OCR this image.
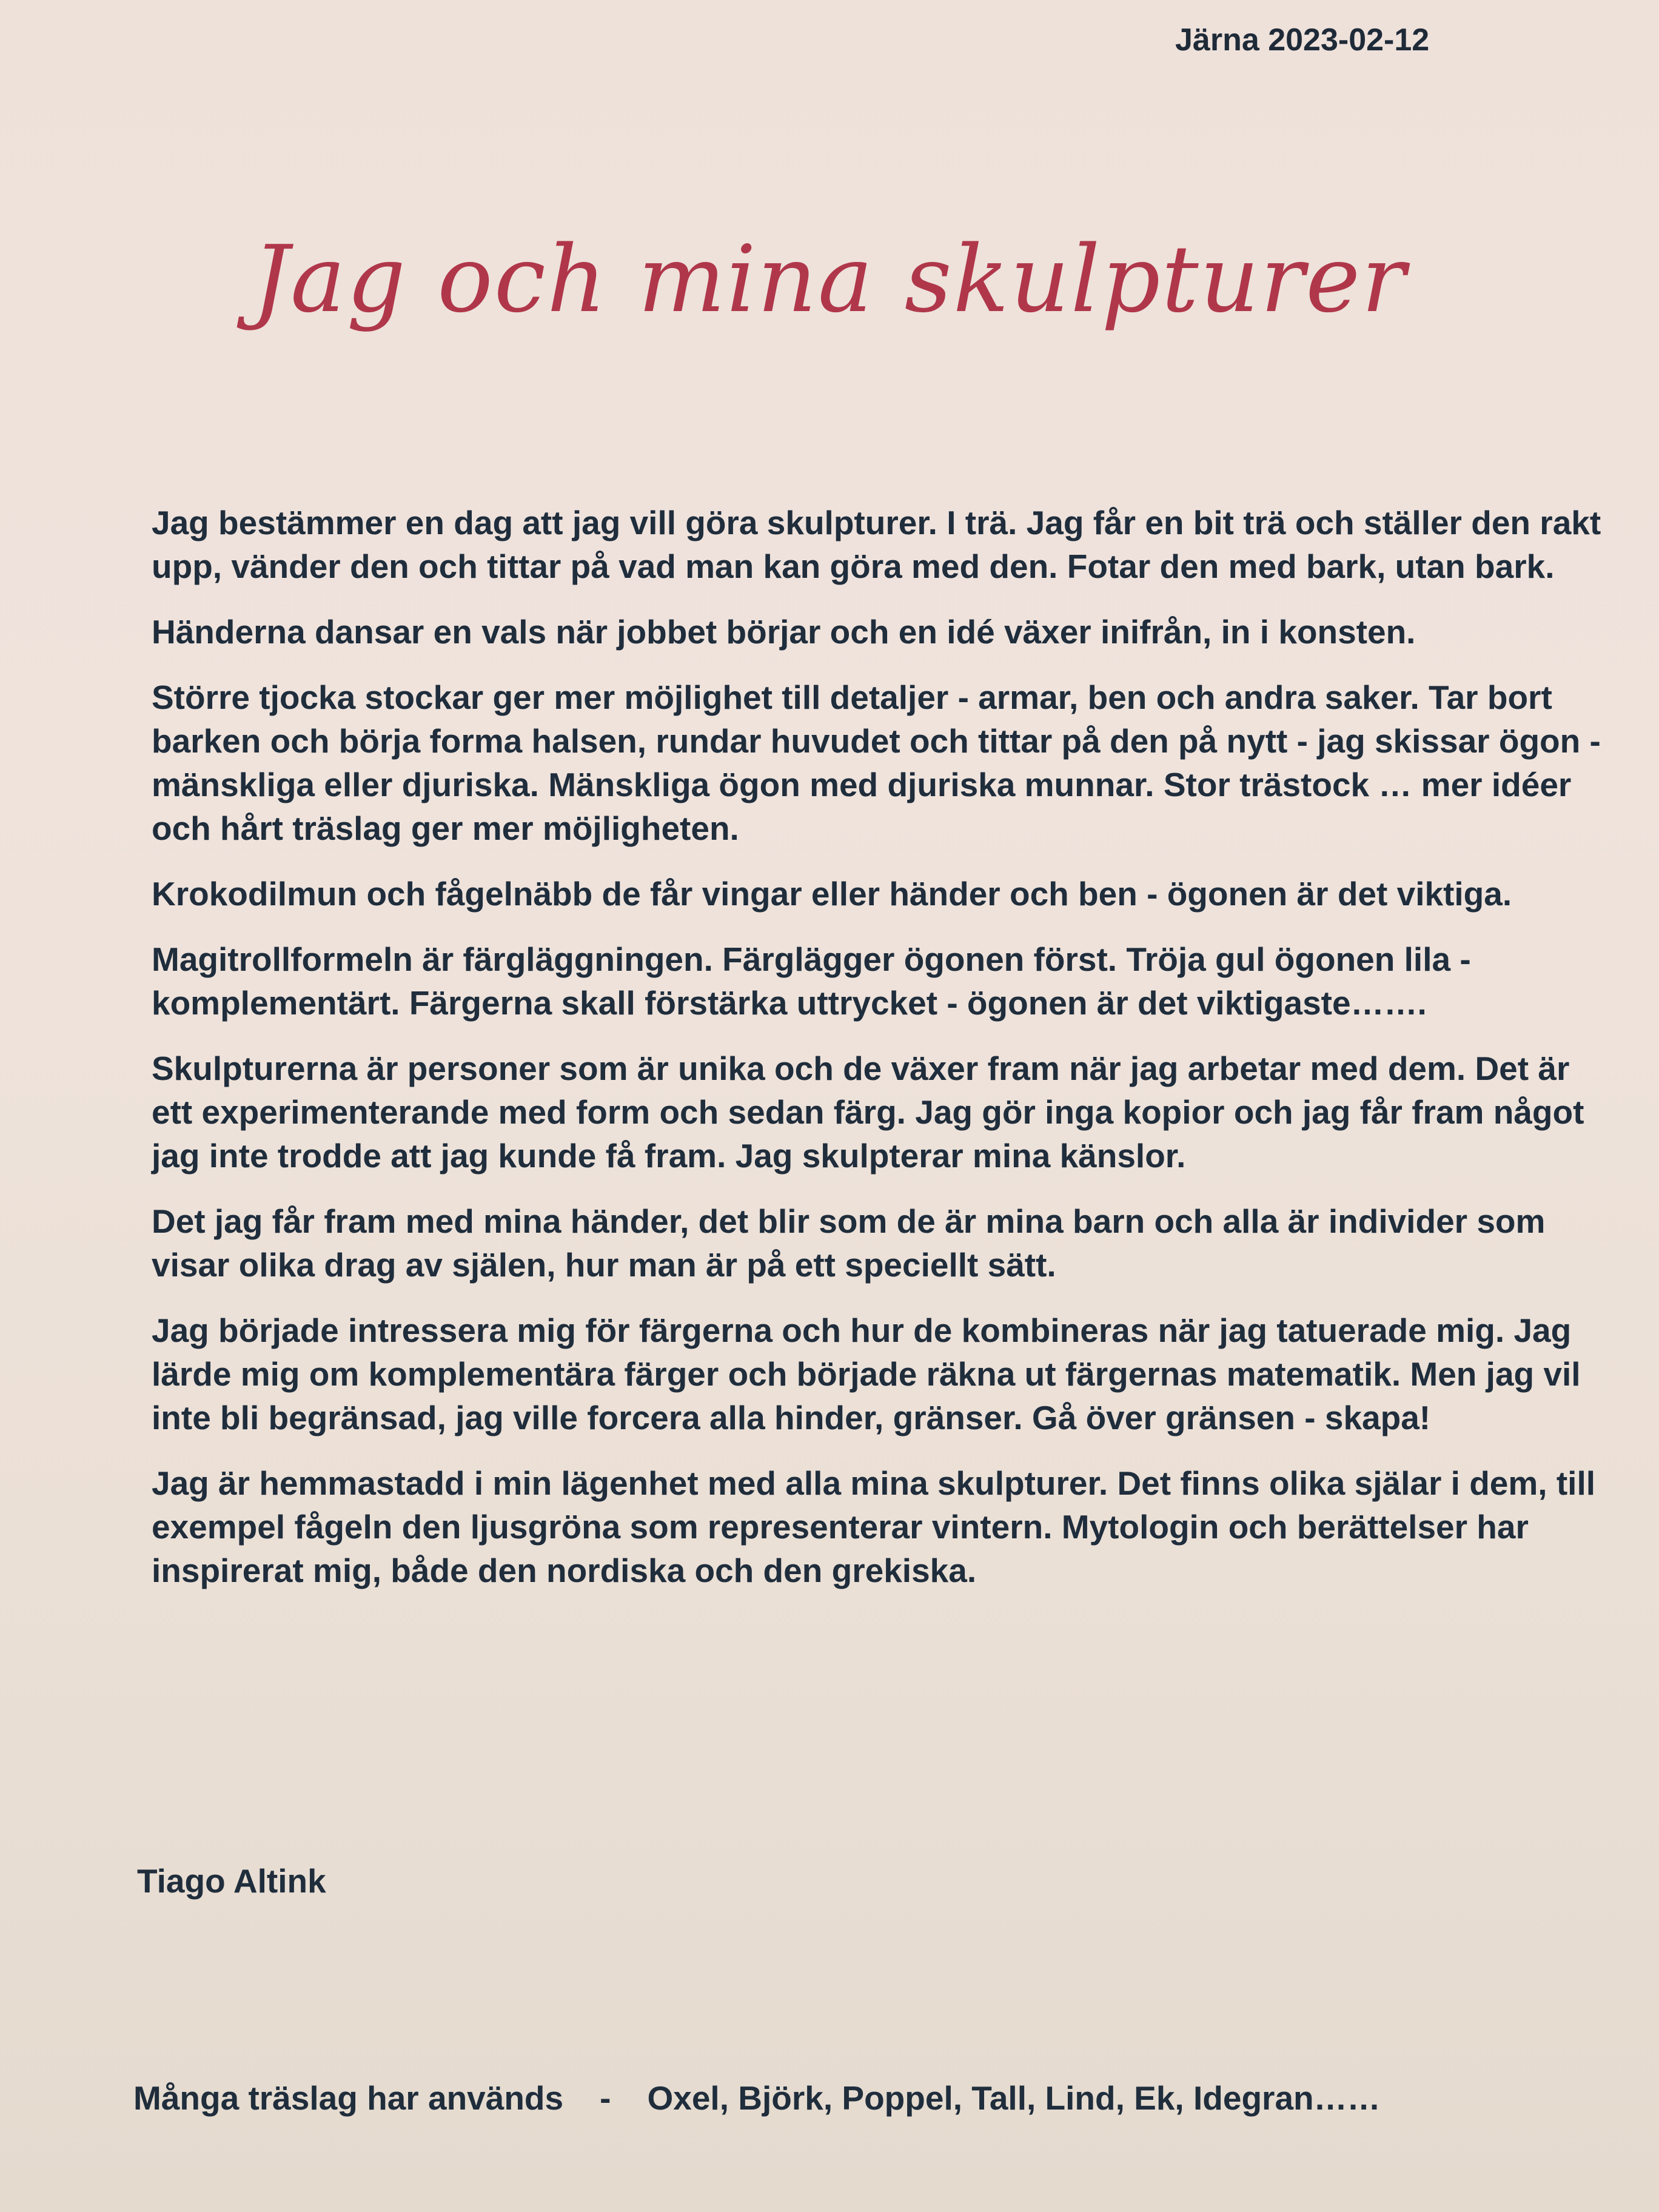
Järna 2023-02-12
Jag och mina skulpturer

Jag bestämmer en dag att jag vill göra skulpturer. I trä. Jag får en bit trä och ställer den rakt upp, vänder den och tittar på vad man kan göra med den. Fotar den med bark, utan bark.

Händerna dansar en vals när jobbet börjar och en idé växer inifrån, in i konsten.

Större tjocka stockar ger mer möjlighet till detaljer - armar, ben och andra saker. Tar bort barken och börja forma halsen, rundar huvudet och tittar på den på nytt - jag skissar ögon - mänskliga eller djuriska. Mänskliga ögon med djuriska munnar. Stor trästock … mer idéer och hårt träslag ger mer möjligheten.

Krokodilmun och fågelnäbb de får vingar eller händer och ben - ögonen är det viktiga.

Magitrollformeln är färgläggningen. Färglägger ögonen först. Tröja gul ögonen lila - komplementärt. Färgerna skall förstärka uttrycket - ögonen är det viktigaste…….

Skulpturerna är personer som är unika och de växer fram när jag arbetar med dem. Det är ett experimenterande med form och sedan färg. Jag gör inga kopior och jag får fram något jag inte trodde att jag kunde få fram. Jag skulpterar mina känslor.

Det jag får fram med mina händer, det blir som de är mina barn och alla är individer som visar olika drag av själen, hur man är på ett speciellt sätt.

Jag började intressera mig för färgerna och hur de kombineras när jag tatuerade mig. Jag lärde mig om komplementära färger och började räkna ut färgernas matematik. Men jag vil inte bli begränsad, jag ville forcera alla hinder, gränser. Gå över gränsen - skapa!

Jag är hemmastadd i min lägenhet med alla mina skulpturer. Det finns olika själar i dem, till exempel fågeln den ljusgröna som representerar vintern. Mytologin och berättelser har inspirerat mig, både den nordiska och den grekiska.

Tiago Altink
Många träslag har används - Oxel, Björk, Poppel, Tall, Lind, Ek, Idegran……
